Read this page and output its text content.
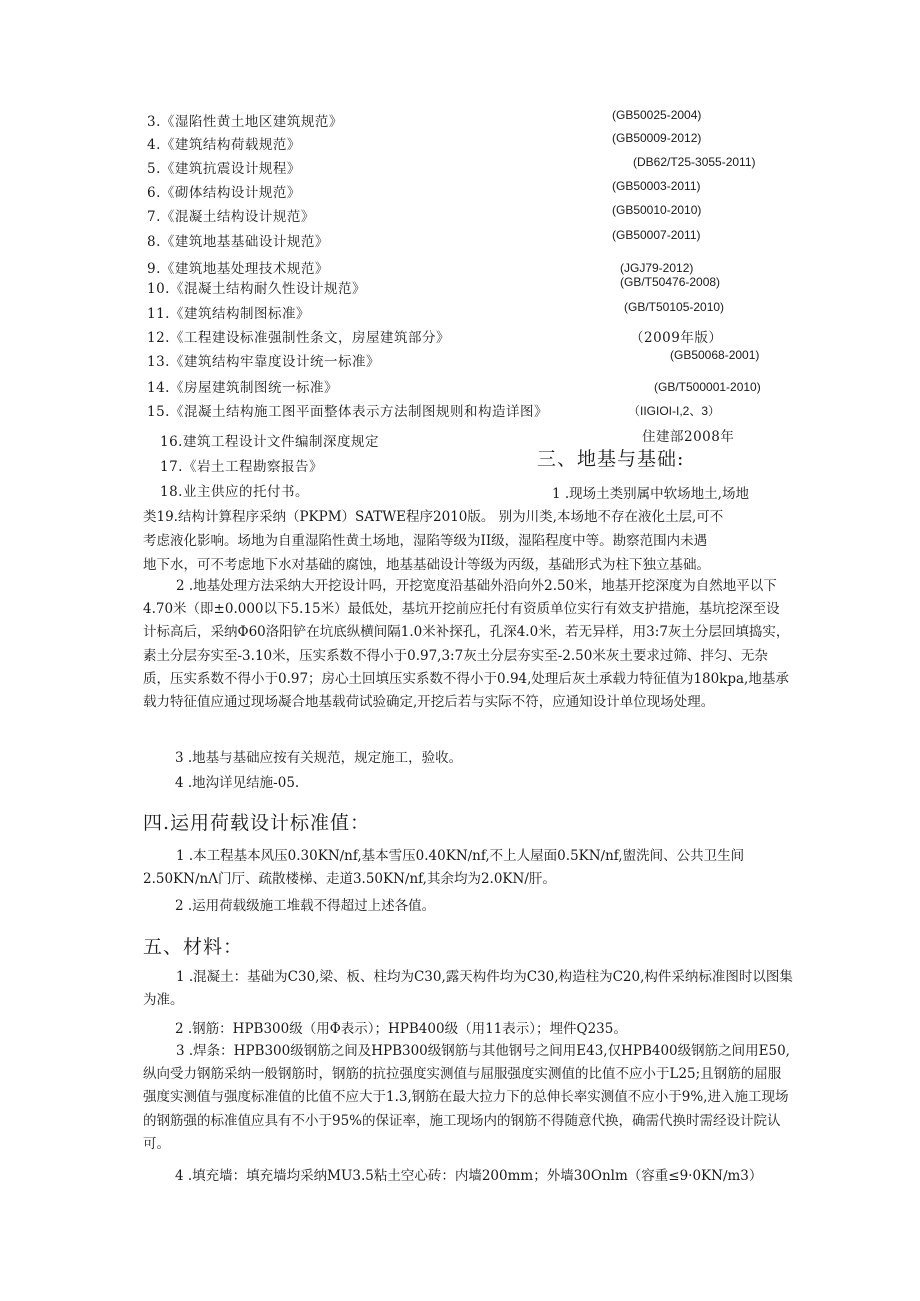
3.《湿陷性黄土地区建筑规范》	(GB50025-2004)
4.《建筑结构荷载规范》	(GB50009-2012)
5.《建筑抗震设计规程》	(DB62/T25-3055-2011)
6.《砌体结构设计规范》	(GB50003-2011)
7.《混凝土结构设计规范》	(GB50010-2010)
8.《建筑地基基础设计规范》	(GB50007-2011)
9.《建筑地基处理技术规范》	(JGJ79-2012)
10.《混凝土结构耐久性设计规范》	(GB/T50476-2008)
11.《建筑结构制图标准》	(GB/T50105-2010)
12.《工程建设标准强制性条文，房屋建筑部分》	（2009年版）
13.《建筑结构牢靠度设计统一标准》	(GB50068-2001)
14.《房屋建筑制图统一标准》	(GB/T500001-2010)
15.《混凝土结构施工图平面整体表示方法制图规则和构造详图》	（IIGIOI-I,2、3）
16.建筑工程设计文件编制深度规定	住建部2008年
17.《岩土工程勘察报告》
18.业主供应的托付书。
三、地基与基础:
1 .现场土类别属中软场地土,场地
类19.结构计算程序采纳（PKPM）SATWE程序2010版。 别为川类,本场地不存在液化土层,可不
考虑液化影响。场地为自重湿陷性黄土场地，湿陷等级为II级，湿陷程度中等。勘察范围内未遇
地下水，可不考虑地下水对基础的腐蚀，地基基础设计等级为丙级，基础形式为柱下独立基础。
2 .地基处理方法采纳大开挖设计吗，开挖宽度沿基础外沿向外2.50米，地基开挖深度为自然地平以下4.70米（即±0.000以下5.15米）最低处，基坑开挖前应托付有资质单位实行有效支护措施，基坑挖深至设计标高后，采纳Φ60洛阳铲在坑底纵横间隔1.0米补探孔，孔深4.0米，若无异样，用3:7灰土分层回填捣实，素土分层夯实至-3.10米，压实系数不得小于0.97,3:7灰土分层夯实至-2.50米灰土要求过筛、拌匀、无杂质，压实系数不得小于0.97；房心土回填压实系数不得小于0.94,处理后灰土承载力特征值为180kpa,地基承载力特征值应通过现场凝合地基载荷试验确定,开挖后若与实际不符，应通知设计单位现场处理。
3 .地基与基础应按有关规范，规定施工，验收。
4 .地沟详见结施-05.
四.运用荷载设计标准值：
1 .本工程基本风压0.30KN∕nf,基本雪压0.40KN∕nf,不上人屋面0.5KN∕nf,盥洗间、公共卫生间2.50KN∕nΛ门厅、疏散楼梯、走道3.50KN∕nf,其余均为2.0KN/肝。
2 .运用荷载级施工堆载不得超过上述各值。
五、材料：
1 .混凝土：基础为C30,梁、板、柱均为C30,露天构件均为C30,构造柱为C20,构件采纳标准图时以图集为准。
2 .钢筋：HPB300级（用Φ表示）；HPB400级（用11表示）；埋件Q235。
3 .焊条：HPB300级钢筋之间及HPB300级钢筋与其他钢号之间用E43,仅HPB400级钢筋之间用E50,纵向受力钢筋采纳一般钢筋时，钢筋的抗拉强度实测值与屈服强度实测值的比值不应小于L25;且钢筋的屈服强度实测值与强度标准值的比值不应大于1.3,钢筋在最大拉力下的总伸长率实测值不应小于9%,进入施工现场的钢筋强的标准值应具有不小于95%的保证率，施工现场内的钢筋不得随意代换，确需代换时需经设计院认可。
4 .填充墙：填充墙均采纳MU3.5粘土空心砖：内墙200mm；外墙30Onlm（容重≤9·0KN∕m3）
